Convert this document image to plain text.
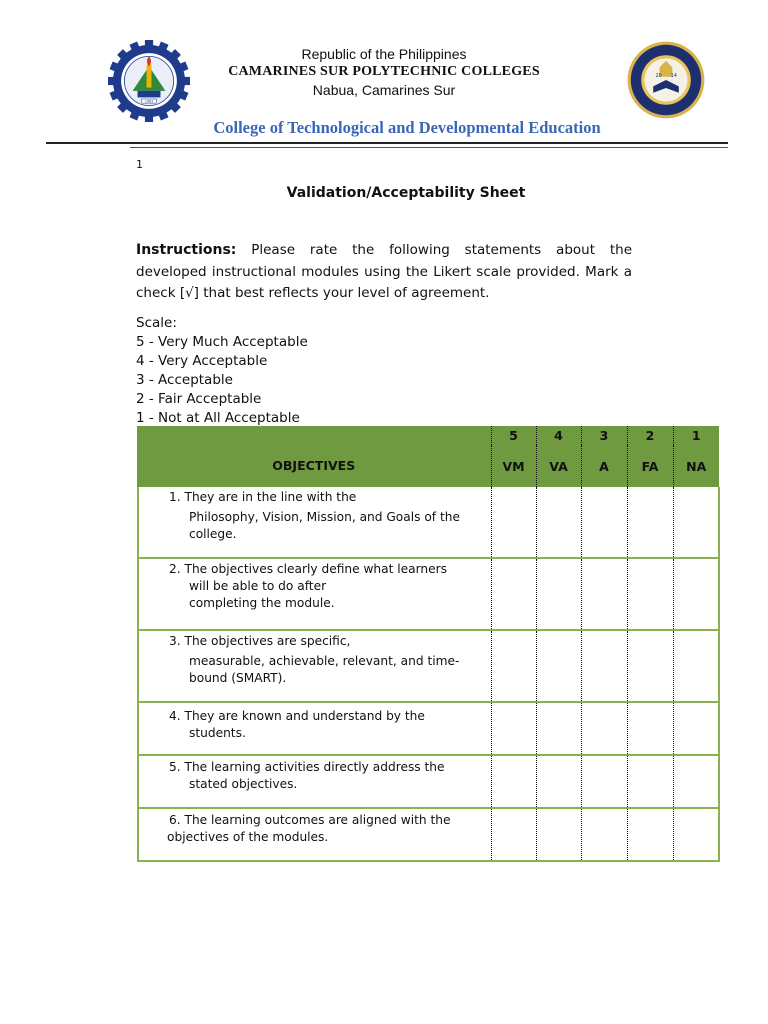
1983
20 14
Republic of the Philippines
CAMARINES SUR POLYTECHNIC COLLEGES
Nabua, Camarines Sur
College of Technological and Developmental Education
1
Validation/Acceptability Sheet
Instructions: Please rate the following statements about the developed instructional modules using the Likert scale provided. Mark a check [√] that best reflects your level of agreement.
Scale:
5 - Very Much Acceptable
4 - Very Acceptable
3 - Acceptable
2 - Fair Acceptable
1 - Not at All Acceptable
OBJECTIVES	5	4	3	2	1
	VM	VA	A	FA	NA

1. They are in the line with the
Philosophy, Vision, Mission, and Goals of the
college.					

2. The objectives clearly define what learners
will be able to do after
completing the module.					

3. The objectives are specific,
measurable, achievable, relevant, and time-
bound (SMART).					

4. They are known and understand by the
students.					

5. The learning activities directly address the
stated objectives.					

6. The learning outcomes are aligned with the
objectives of the modules.					
